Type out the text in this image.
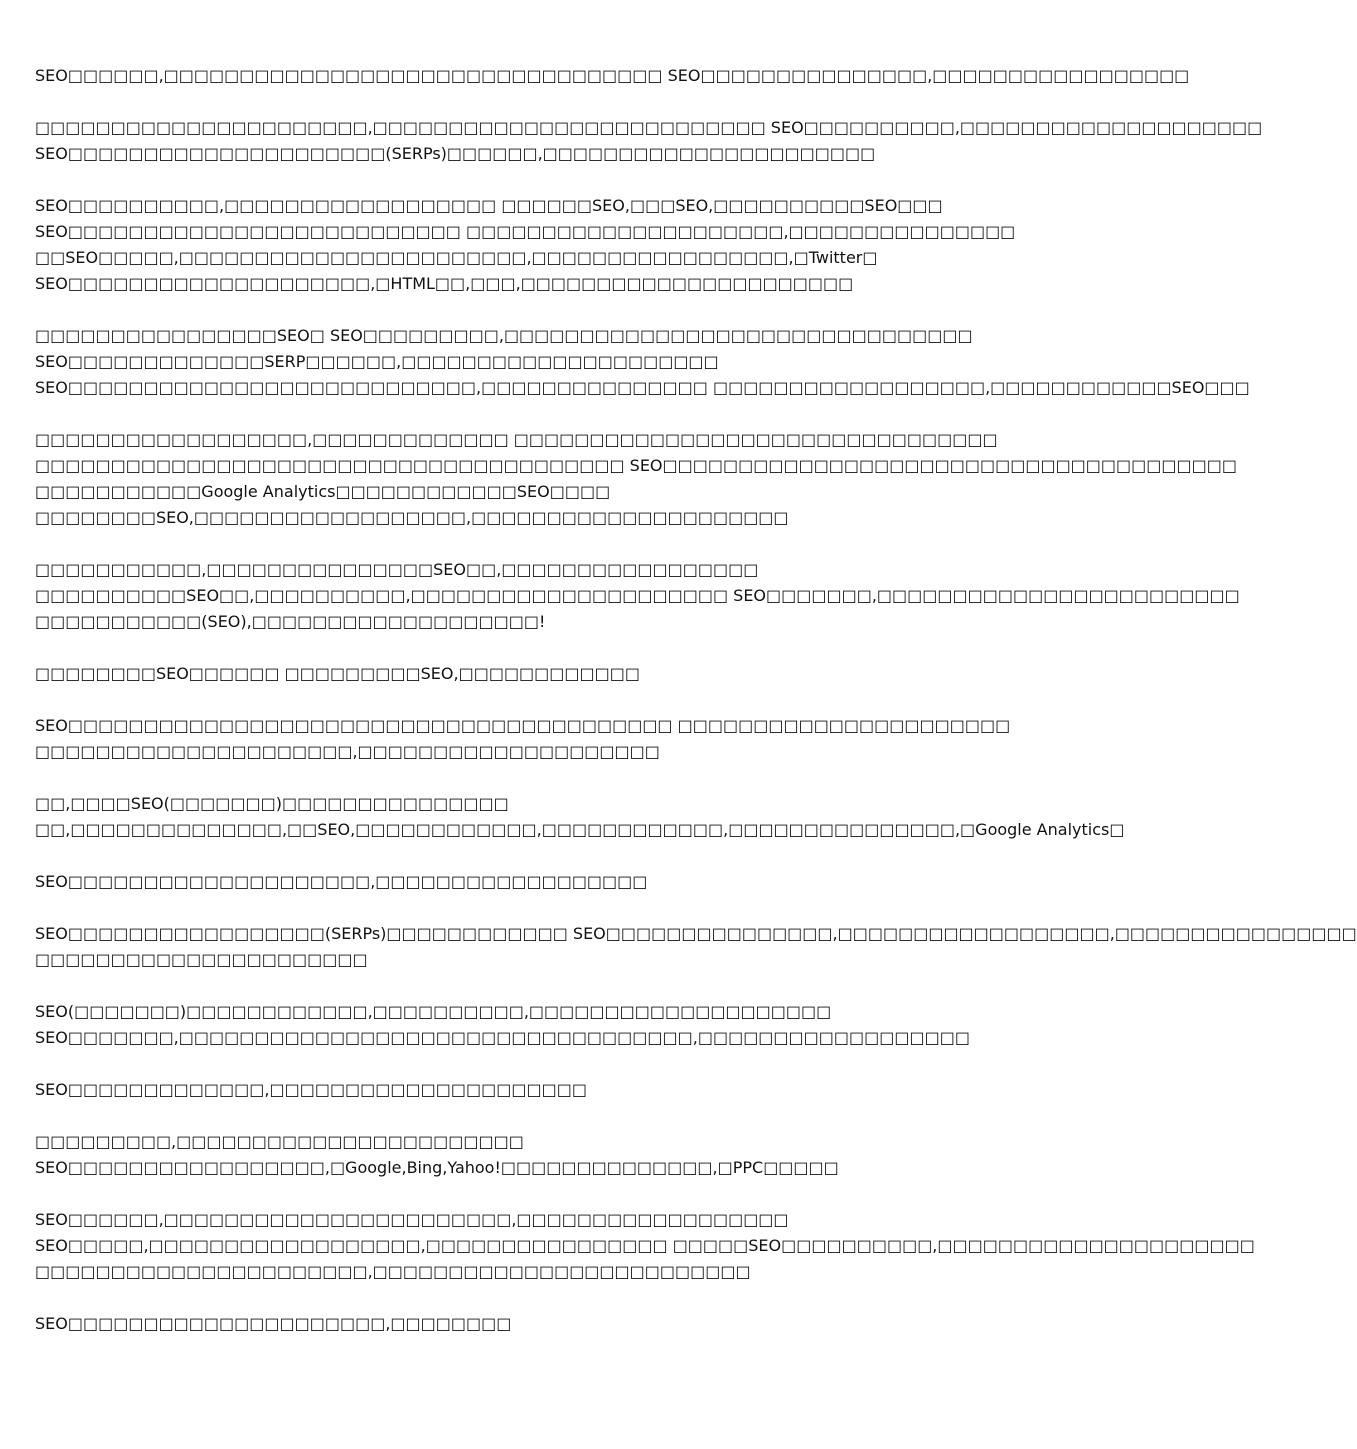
SEO□□□□□□,□□□□□□□□□□□□□□□□□□□□□□□□□□□□□□□□□ SEO□□□□□□□□□□□□□□□,□□□□□□□□□□□□□□□□□

□□□□□□□□□□□□□□□□□□□□□□,□□□□□□□□□□□□□□□□□□□□□□□□□□ SEO□□□□□□□□□□,□□□□□□□□□□□□□□□□□□□□
SEO□□□□□□□□□□□□□□□□□□□□□(SERPs)□□□□□□,□□□□□□□□□□□□□□□□□□□□□□

SEO□□□□□□□□□□,□□□□□□□□□□□□□□□□□□ □□□□□□SEO,□□□SEO,□□□□□□□□□□SEO□□□
SEO□□□□□□□□□□□□□□□□□□□□□□□□□□ □□□□□□□□□□□□□□□□□□□□□,□□□□□□□□□□□□□□□
□□SEO□□□□□,□□□□□□□□□□□□□□□□□□□□□□□,□□□□□□□□□□□□□□□□□,□Twitter□
SEO□□□□□□□□□□□□□□□□□□□□,□HTML□□,□□□,□□□□□□□□□□□□□□□□□□□□□□

□□□□□□□□□□□□□□□□SEO□ SEO□□□□□□□□□,□□□□□□□□□□□□□□□□□□□□□□□□□□□□□□□
SEO□□□□□□□□□□□□□SERP□□□□□□,□□□□□□□□□□□□□□□□□□□□□
SEO□□□□□□□□□□□□□□□□□□□□□□□□□□□,□□□□□□□□□□□□□□□ □□□□□□□□□□□□□□□□□□,□□□□□□□□□□□□SEO□□□

□□□□□□□□□□□□□□□□□□,□□□□□□□□□□□□□ □□□□□□□□□□□□□□□□□□□□□□□□□□□□□□□□
□□□□□□□□□□□□□□□□□□□□□□□□□□□□□□□□□□□□□□□ SEO□□□□□□□□□□□□□□□□□□□□□□□□□□□□□□□□□□□□□□
□□□□□□□□□□□Google Analytics□□□□□□□□□□□□SEO□□□□
□□□□□□□□SEO,□□□□□□□□□□□□□□□□□□,□□□□□□□□□□□□□□□□□□□□□

□□□□□□□□□□□,□□□□□□□□□□□□□□□SEO□□,□□□□□□□□□□□□□□□□□
□□□□□□□□□□SEO□□,□□□□□□□□□□,□□□□□□□□□□□□□□□□□□□□□ SEO□□□□□□□,□□□□□□□□□□□□□□□□□□□□□□□□
□□□□□□□□□□□(SEO),□□□□□□□□□□□□□□□□□□□!

□□□□□□□□SEO□□□□□□ □□□□□□□□□SEO,□□□□□□□□□□□□

SEO□□□□□□□□□□□□□□□□□□□□□□□□□□□□□□□□□□□□□□□□ □□□□□□□□□□□□□□□□□□□□□□
□□□□□□□□□□□□□□□□□□□□□,□□□□□□□□□□□□□□□□□□□□

□□,□□□□SEO(□□□□□□□)□□□□□□□□□□□□□□□
□□,□□□□□□□□□□□□□□,□□SEO,□□□□□□□□□□□□,□□□□□□□□□□□□,□□□□□□□□□□□□□□□,□Google Analytics□

SEO□□□□□□□□□□□□□□□□□□□□,□□□□□□□□□□□□□□□□□□

SEO□□□□□□□□□□□□□□□□□(SERPs)□□□□□□□□□□□□ SEO□□□□□□□□□□□□□□□,□□□□□□□□□□□□□□□□□□,□□□□□□□□□□□□□□□□
□□□□□□□□□□□□□□□□□□□□□□

SEO(□□□□□□□)□□□□□□□□□□□□,□□□□□□□□□□,□□□□□□□□□□□□□□□□□□□□
SEO□□□□□□□,□□□□□□□□□□□□□□□□□□□□□□□□□□□□□□□□□□,□□□□□□□□□□□□□□□□□□

SEO□□□□□□□□□□□□□,□□□□□□□□□□□□□□□□□□□□□

□□□□□□□□□,□□□□□□□□□□□□□□□□□□□□□□□
SEO□□□□□□□□□□□□□□□□□,□Google,Bing,Yahoo!□□□□□□□□□□□□□□,□PPC□□□□□

SEO□□□□□□,□□□□□□□□□□□□□□□□□□□□□□□,□□□□□□□□□□□□□□□□□□
SEO□□□□□,□□□□□□□□□□□□□□□□□□,□□□□□□□□□□□□□□□□ □□□□□SEO□□□□□□□□□□,□□□□□□□□□□□□□□□□□□□□□
□□□□□□□□□□□□□□□□□□□□□□,□□□□□□□□□□□□□□□□□□□□□□□□□

SEO□□□□□□□□□□□□□□□□□□□□□,□□□□□□□□
